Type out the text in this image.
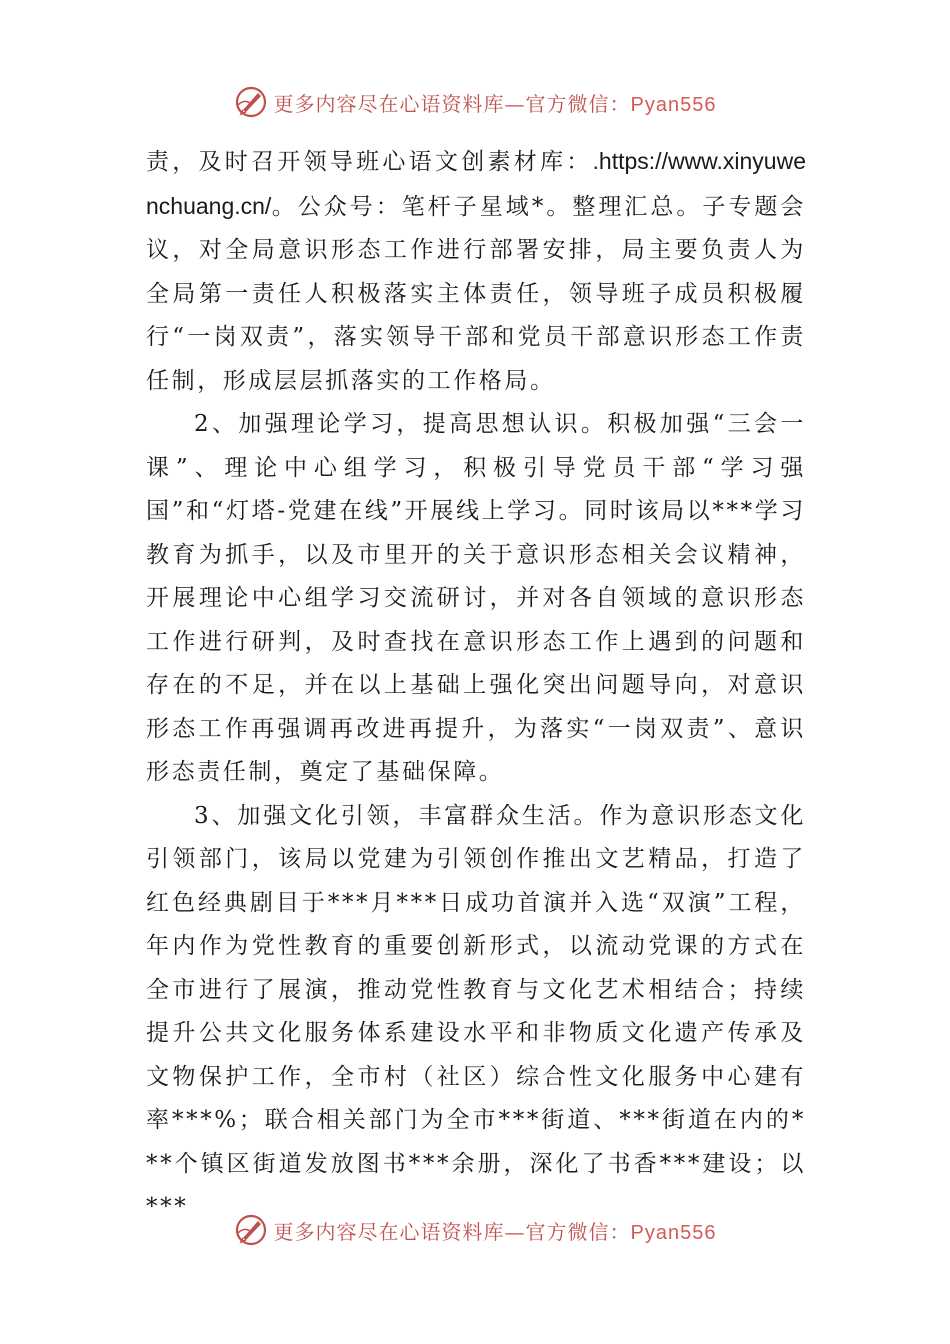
更多内容尽在心语资料库—官方微信：Pyan556

责，及时召开领导班心语文创素材库：.https://www.xinyuwenchuang.cn/。公众号：笔杆子星域*。整理汇总。子专题会议，对全局意识形态工作进行部署安排，局主要负责人为全局第一责任人积极落实主体责任，领导班子成员积极履行“一岗双责”，落实领导干部和党员干部意识形态工作责任制，形成层层抓落实的工作格局。

2、加强理论学习，提高思想认识。积极加强“三会一课”、理论中心组学习，积极引导党员干部“学习强国”和“灯塔-党建在线”开展线上学习。同时该局以***学习教育为抓手，以及市里开的关于意识形态相关会议精神，开展理论中心组学习交流研讨，并对各自领域的意识形态工作进行研判，及时查找在意识形态工作上遇到的问题和存在的不足，并在以上基础上强化突出问题导向，对意识形态工作再强调再改进再提升，为落实“一岗双责”、意识形态责任制，奠定了基础保障。

3、加强文化引领，丰富群众生活。作为意识形态文化引领部门，该局以党建为引领创作推出文艺精品，打造了红色经典剧目于***月***日成功首演并入选“双演”工程，年内作为党性教育的重要创新形式，以流动党课的方式在全市进行了展演，推动党性教育与文化艺术相结合；持续提升公共文化服务体系建设水平和非物质文化遗产传承及文物保护工作，全市村（社区）综合性文化服务中心建有率***%；联合相关部门为全市***街道、***街道在内的***个镇区街道发放图书***余册，深化了书香***建设；以***

更多内容尽在心语资料库—官方微信：Pyan556
